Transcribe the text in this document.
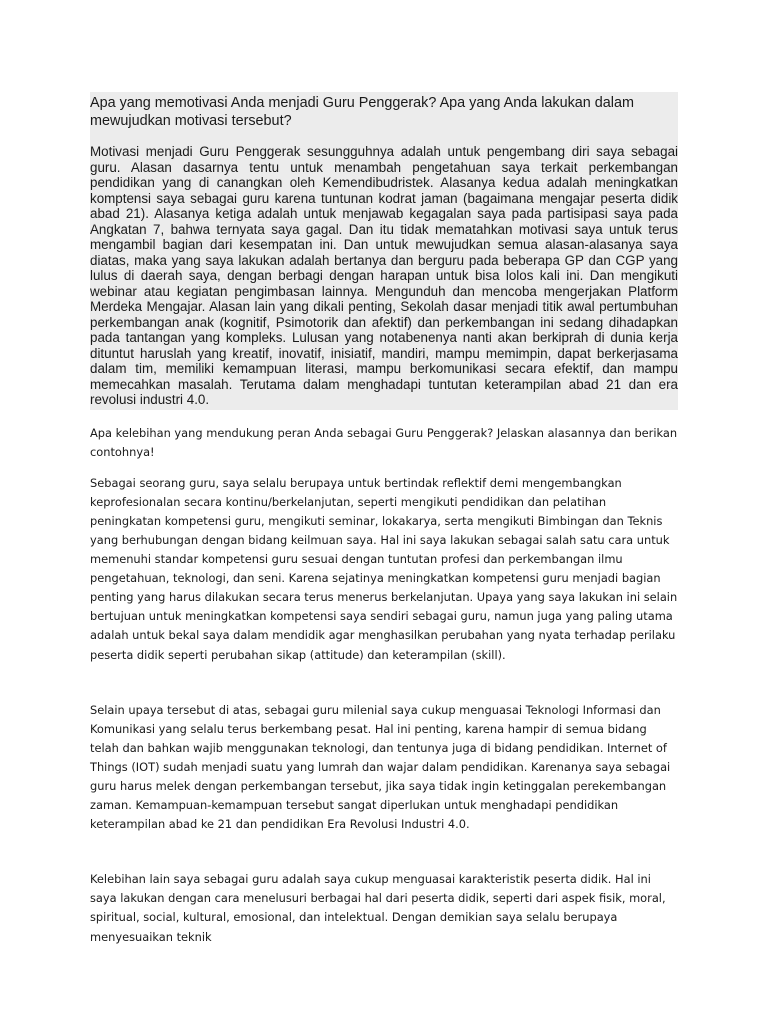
Apa yang memotivasi Anda menjadi Guru Penggerak? Apa yang Anda lakukan dalam mewujudkan motivasi tersebut?

Motivasi menjadi Guru Penggerak sesungguhnya adalah untuk pengembang diri saya sebagai guru. Alasan dasarnya tentu untuk menambah pengetahuan saya terkait perkembangan pendidikan yang di canangkan oleh Kemendibudristek. Alasanya kedua adalah meningkatkan komptensi saya sebagai guru karena tuntunan kodrat jaman (bagaimana mengajar peserta didik abad 21). Alasanya ketiga adalah untuk menjawab kegagalan saya pada partisipasi saya pada Angkatan 7, bahwa ternyata saya gagal. Dan itu tidak mematahkan motivasi saya untuk terus mengambil bagian dari kesempatan ini. Dan untuk mewujudkan semua alasan-alasanya saya diatas, maka yang saya lakukan adalah bertanya dan berguru pada beberapa GP dan CGP yang lulus di daerah saya, dengan berbagi dengan harapan untuk bisa lolos kali ini. Dan mengikuti webinar atau kegiatan pengimbasan lainnya. Mengunduh dan mencoba mengerjakan Platform Merdeka Mengajar. Alasan lain yang dikali penting, Sekolah dasar menjadi titik awal pertumbuhan perkembangan anak (kognitif, Psimotorik dan afektif) dan perkembangan ini sedang dihadapkan pada tantangan yang kompleks. Lulusan yang notabenenya nanti akan berkiprah di dunia kerja dituntut haruslah yang kreatif, inovatif, inisiatif, mandiri, mampu memimpin, dapat berkerjasama dalam tim, memiliki kemampuan literasi, mampu berkomunikasi secara efektif, dan mampu memecahkan masalah. Terutama dalam menghadapi tuntutan keterampilan abad 21 dan era revolusi industri 4.0.

Apa kelebihan yang mendukung peran Anda sebagai Guru Penggerak? Jelaskan alasannya dan berikan contohnya!

Sebagai seorang guru, saya selalu berupaya untuk bertindak reflektif demi mengembangkan keprofesionalan secara kontinu/berkelanjutan, seperti mengikuti pendidikan dan pelatihan peningkatan kompetensi guru, mengikuti seminar, lokakarya, serta mengikuti Bimbingan dan Teknis yang berhubungan dengan bidang keilmuan saya. Hal ini saya lakukan sebagai salah satu cara untuk memenuhi standar kompetensi guru sesuai dengan tuntutan profesi dan perkembangan ilmu pengetahuan, teknologi, dan seni. Karena sejatinya meningkatkan kompetensi guru menjadi bagian penting yang harus dilakukan secara terus menerus berkelanjutan. Upaya yang saya lakukan ini selain bertujuan untuk meningkatkan kompetensi saya sendiri sebagai guru, namun juga yang paling utama adalah untuk bekal saya dalam mendidik agar menghasilkan perubahan yang nyata terhadap perilaku peserta didik seperti perubahan sikap (attitude) dan keterampilan (skill).

Selain upaya tersebut di atas, sebagai guru milenial saya cukup menguasai Teknologi Informasi dan Komunikasi yang selalu terus berkembang pesat. Hal ini penting, karena hampir di semua bidang telah dan bahkan wajib menggunakan teknologi, dan tentunya juga di bidang pendidikan. Internet of Things (IOT) sudah menjadi suatu yang lumrah dan wajar dalam pendidikan. Karenanya saya sebagai guru harus melek dengan perkembangan tersebut, jika saya tidak ingin ketinggalan perekembangan zaman. Kemampuan-kemampuan tersebut sangat diperlukan untuk menghadapi pendidikan keterampilan abad ke 21 dan pendidikan Era Revolusi Industri 4.0.

Kelebihan lain saya sebagai guru adalah saya cukup menguasai karakteristik peserta didik. Hal ini saya lakukan dengan cara menelusuri berbagai hal dari peserta didik, seperti dari aspek fisik, moral, spiritual, social, kultural, emosional, dan intelektual. Dengan demikian saya selalu berupaya menyesuaikan teknik
